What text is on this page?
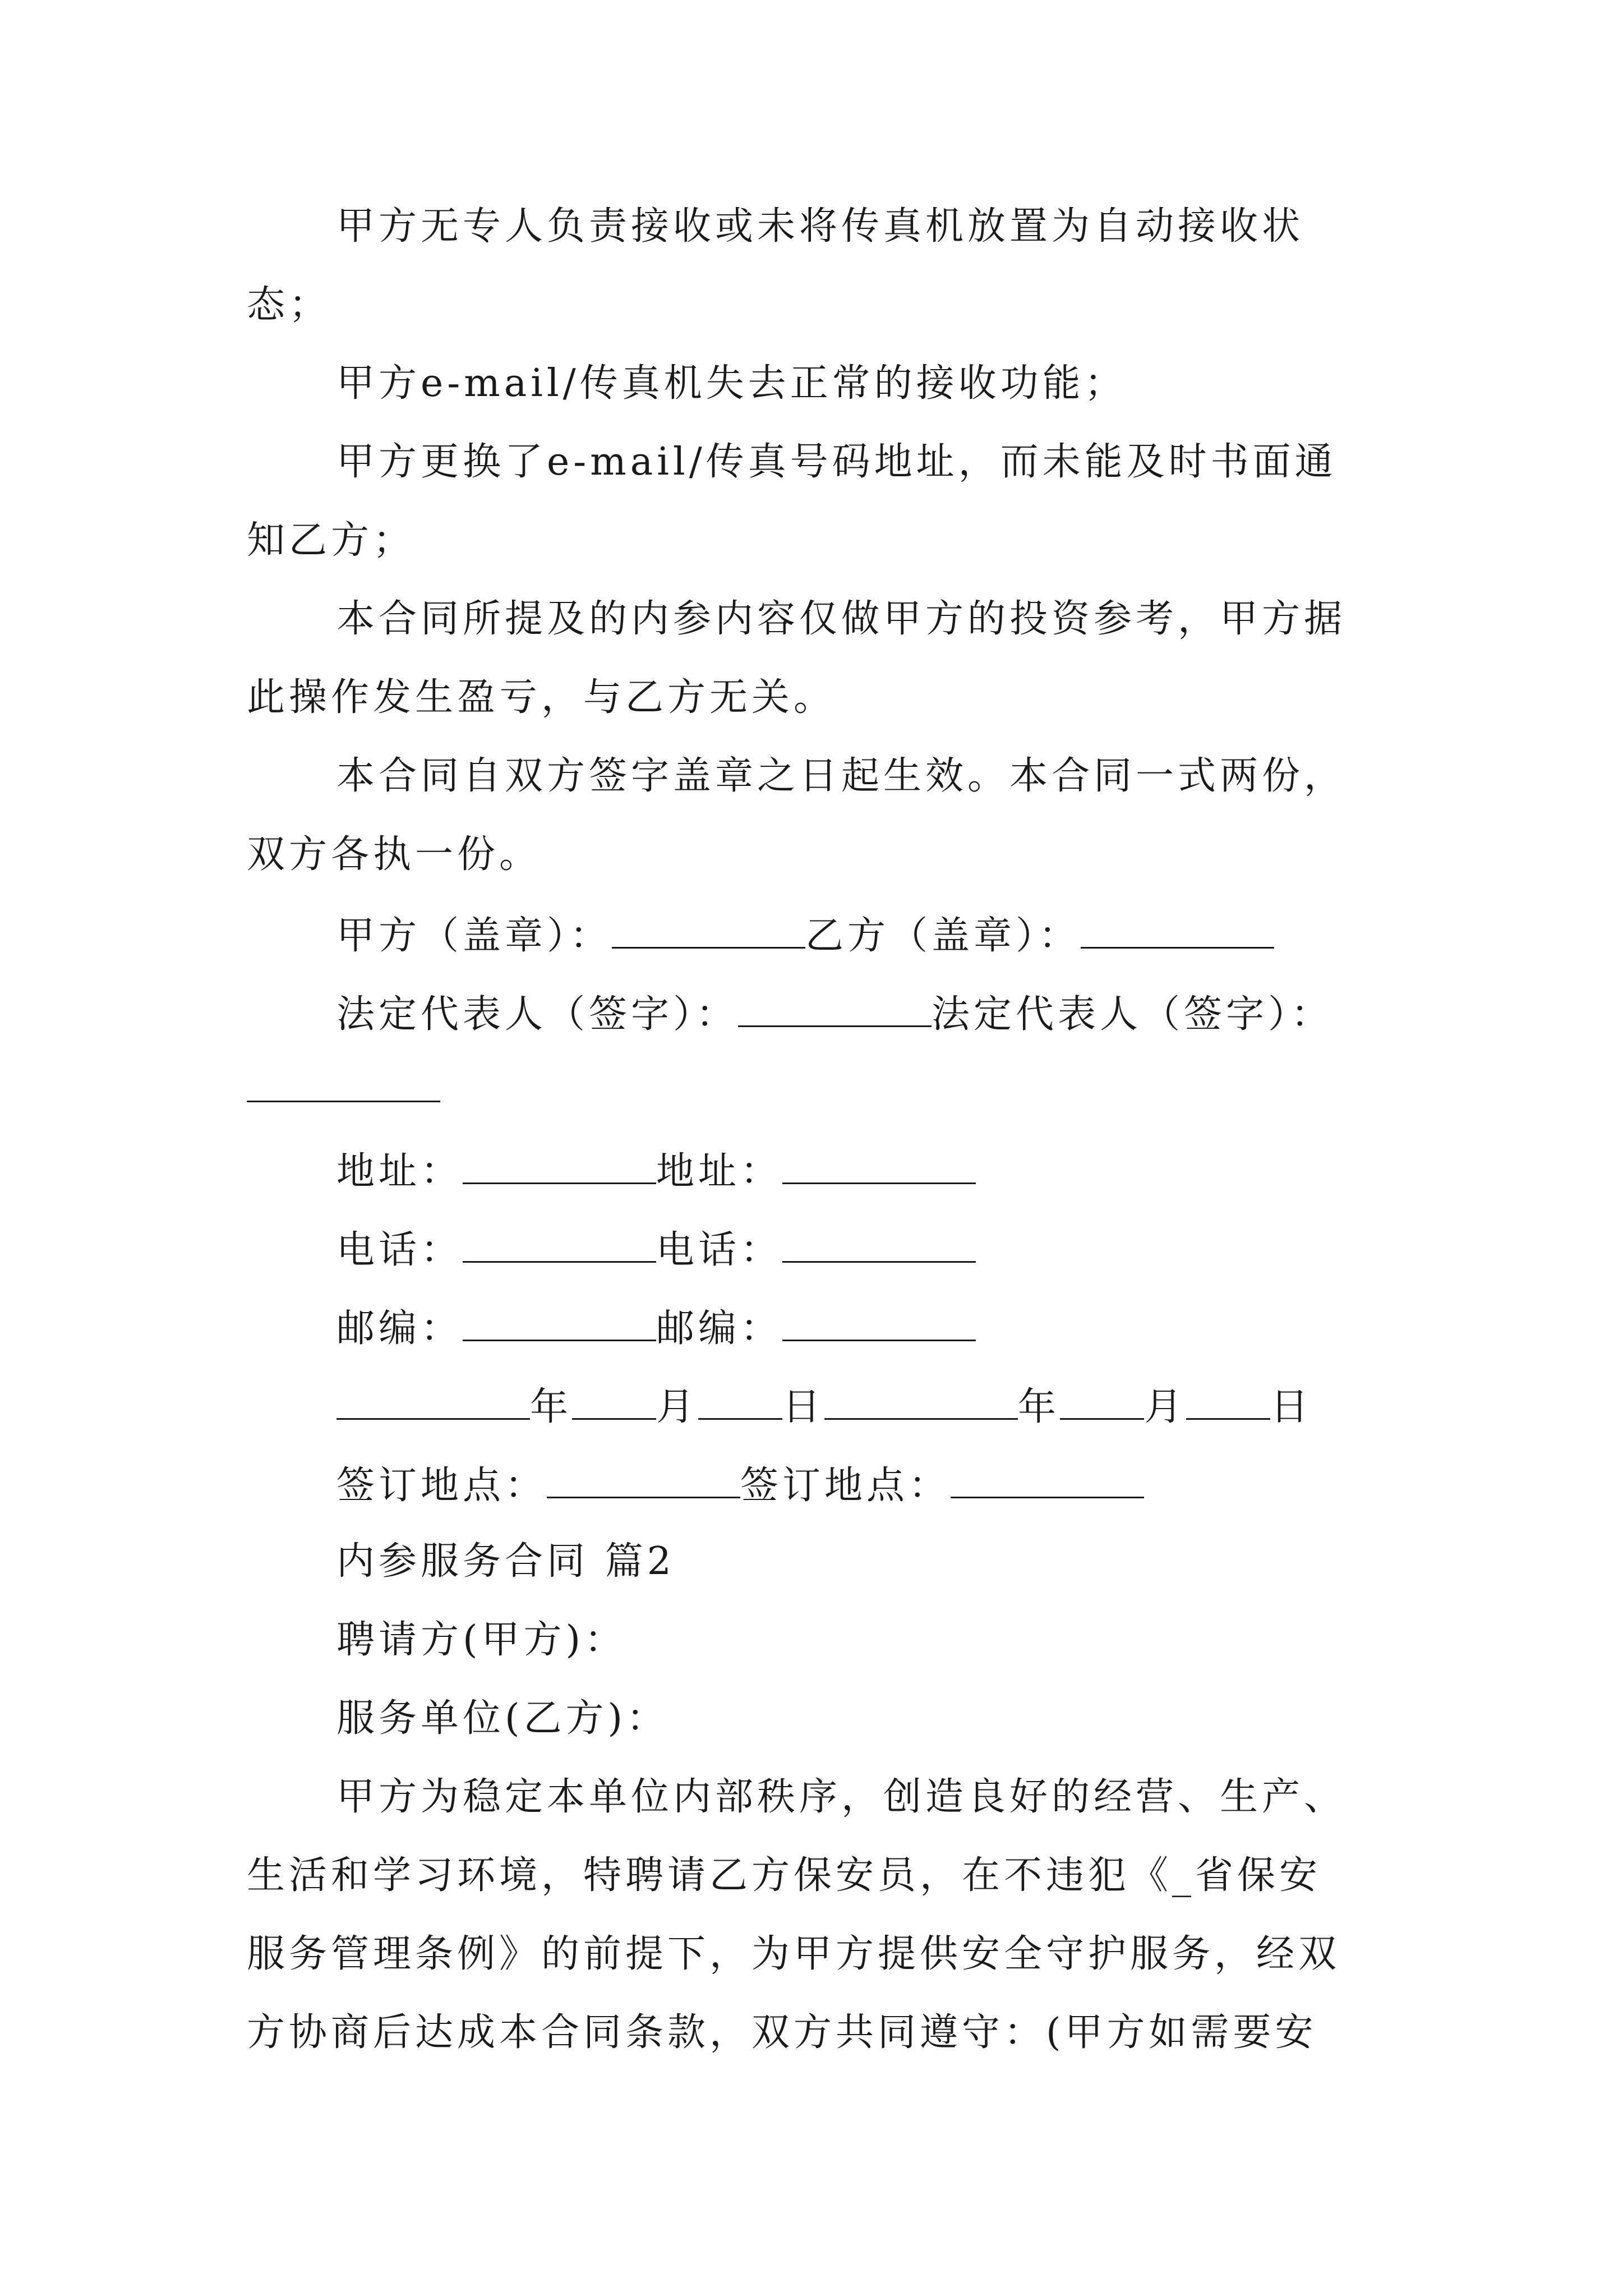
甲方无专人负责接收或未将传真机放置为自动接收状
态；
甲方e-mail/传真机失去正常的接收功能；
甲方更换了e-mail/传真号码地址，而未能及时书面通
知乙方；
本合同所提及的内参内容仅做甲方的投资参考，甲方据
此操作发生盈亏，与乙方无关。
本合同自双方签字盖章之日起生效。本合同一式两份，
双方各执一份。
甲方（盖章）：	乙方（盖章）：
法定代表人（签字）：	法定代表人（签字）：
地址：	地址：
电话：	电话：
邮编：	邮编：
年 月 日	年 月 日
签订地点：	签订地点：
内参服务合同 篇2
聘请方(甲方)：
服务单位(乙方)：
甲方为稳定本单位内部秩序，创造良好的经营、生产、
生活和学习环境，特聘请乙方保安员，在不违犯《_省保安
服务管理条例》的前提下，为甲方提供安全守护服务，经双
方协商后达成本合同条款，双方共同遵守：(甲方如需要安
